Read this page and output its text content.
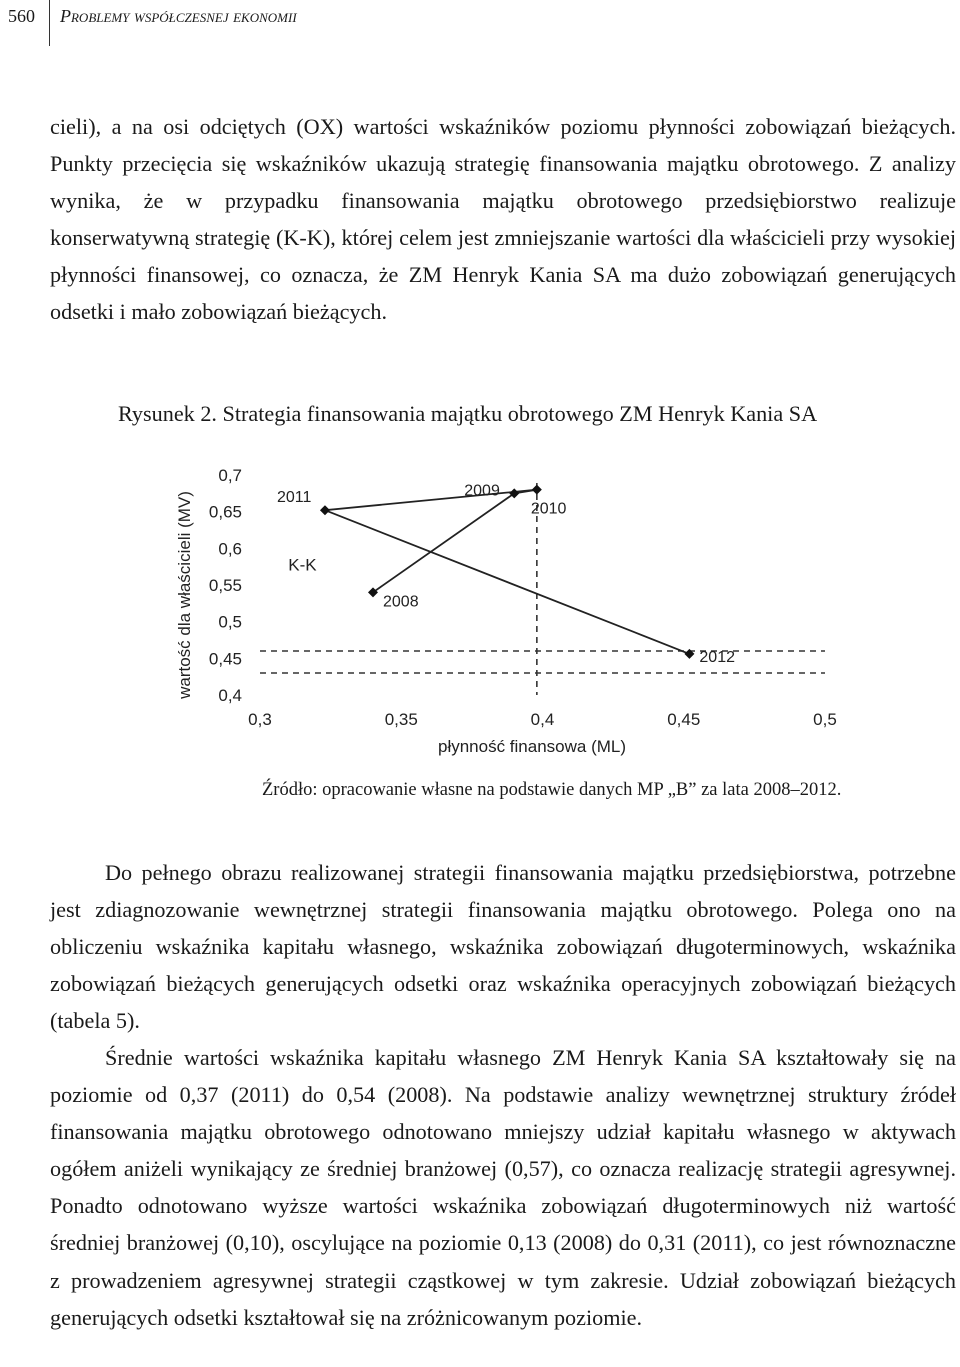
560 Problemy współczesnej ekonomii

cieli), a na osi odciętych (OX) wartości wskaźników poziomu płynności zobowiązań bieżących. Punkty przecięcia się wskaźników ukazują strategię finansowania majątku obrotowego. Z analizy wynika, że w przypadku finansowania majątku obrotowego przedsiębiorstwo realizuje konserwatywną strategię (K-K), której celem jest zmniejszanie wartości dla właścicieli przy wysokiej płynności finansowej, co oznacza, że ZM Henryk Kania SA ma dużo zobowiązań generujących odsetki i mało zobowiązań bieżących.

Rysunek 2. Strategia finansowania majątku obrotowego ZM Henryk Kania SA

0,4
0,45
0,5
0,55
0,6
0,65
0,7
0,3	0,35	0,4	0,45	0,5
płynność finansowa (ML)
wartość dla właścicieli (MV)	2008
2009
2010
2011
2012
K-K

Źródło: opracowanie własne na podstawie danych MP „B” za lata 2008–2012.

Do pełnego obrazu realizowanej strategii finansowania majątku przedsiębiorstwa, potrzebne jest zdiagnozowanie wewnętrznej strategii finansowania majątku obrotowego. Polega ono na obliczeniu wskaźnika kapitału własnego, wskaźnika zobowiązań długoterminowych, wskaźnika zobowiązań bieżących generujących odsetki oraz wskaźnika operacyjnych zobowiązań bieżących (tabela 5).

Średnie wartości wskaźnika kapitału własnego ZM Henryk Kania SA kształtowały się na poziomie od 0,37 (2011) do 0,54 (2008). Na podstawie analizy wewnętrznej struktury źródeł finansowania majątku obrotowego odnotowano mniejszy udział kapitału własnego w aktywach ogółem aniżeli wynikający ze średniej branżowej (0,57), co oznacza realizację strategii agresywnej. Ponadto odnotowano wyższe wartości wskaźnika zobowiązań długoterminowych niż wartość średniej branżowej (0,10), oscylujące na poziomie 0,13 (2008) do 0,31 (2011), co jest równoznaczne z prowadzeniem agresywnej strategii cząstkowej w tym zakresie. Udział zobowiązań bieżących generujących odsetki kształtował się na zróżnicowanym poziomie.
